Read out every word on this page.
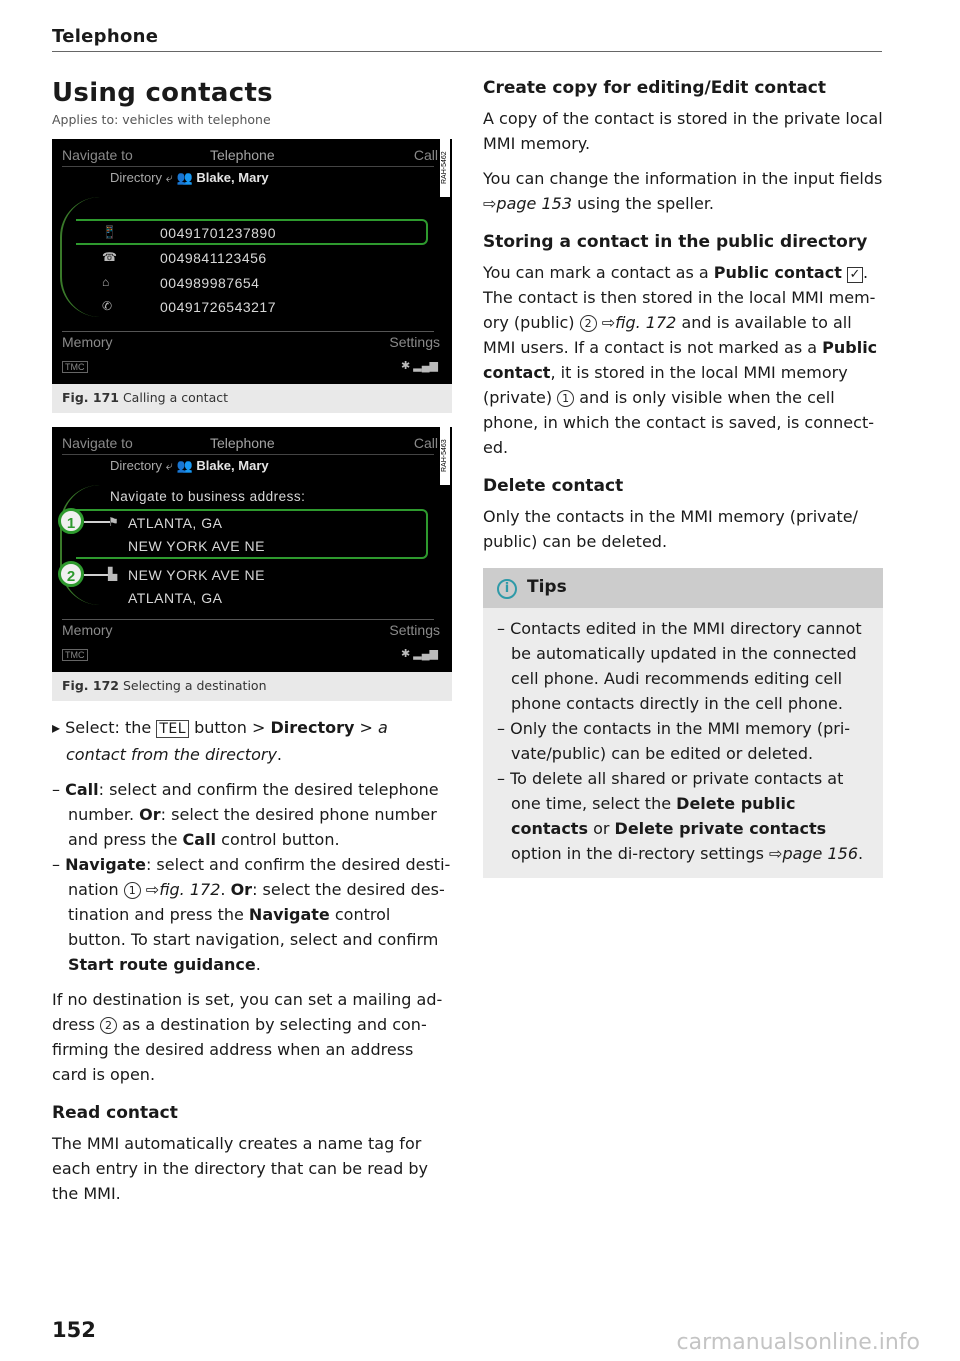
Telephone
Using contacts
Applies to: vehicles with telephone
Navigate to	Telephone	Call RAH-5462
Directory ⤶ 👥 Blake, Mary
📱	00491701237890
☎	0049841123456
⌂	004989987654
✆	00491726543217
Memory	Settings
TMC	✱ ▂▄▆
Fig. 171 Calling a contact
Navigate to	Telephone	Call RAH-5463
Directory ⤶ 👥 Blake, Mary
Navigate to business address:
1	⚑ ATLANTA, GA
NEW YORK AVE NE
2	▙ NEW YORK AVE NE
ATLANTA, GA
Memory	Settings
TMC	✱ ▂▄▆
Fig. 172 Selecting a destination

▸ Select: the TEL button > Directory > a contact from the directory.

– Call: select and confirm the desired telephone number. Or: select the desired phone number and press the Call control button.
– Navigate: select and confirm the desired desti-nation 1 ⇨fig. 172. Or: select the desired des-tination and press the Navigate control button. To start navigation, select and confirm Start route guidance.

If no destination is set, you can set a mailing ad-dress 2 as a destination by selecting and con-firming the desired address when an address card is open.

Read contact

The MMI automatically creates a name tag for each entry in the directory that can be read by the MMI.

Create copy for editing/Edit contact

A copy of the contact is stored in the private local MMI memory.

You can change the information in the input fields ⇨page 153 using the speller.

Storing a contact in the public directory

You can mark a contact as a Public contact ✓ . The contact is then stored in the local MMI mem-ory (public) 2 ⇨fig. 172 and is available to all MMI users. If a contact is not marked as a Public contact, it is stored in the local MMI memory (private) 1 and is only visible when the cell phone, in which the contact is saved, is connect-ed.

Delete contact

Only the contacts in the MMI memory (private/ public) can be deleted.

i Tips
– Contacts edited in the MMI directory cannot be automatically updated in the connected cell phone. Audi recommends editing cell phone contacts directly in the cell phone.
– Only the contacts in the MMI memory (pri-vate/public) can be edited or deleted.
– To delete all shared or private contacts at one time, select the Delete public contacts or Delete private contacts option in the di-rectory settings ⇨page 156.
152	carmanualsonline.info
